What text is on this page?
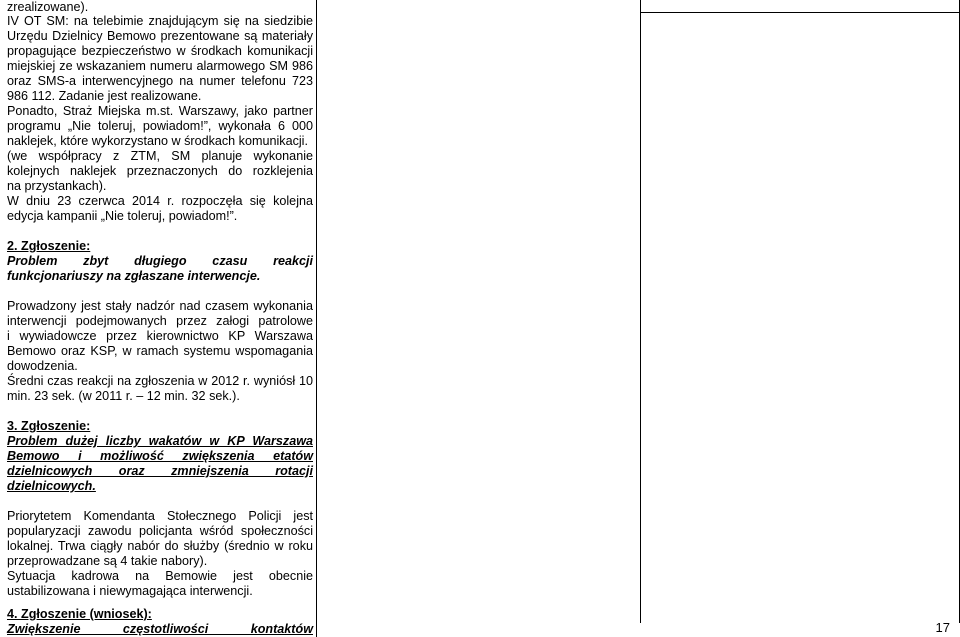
zrealizowane).

IV OT SM: na telebimie znajdującym się na siedzibie

Urzędu Dzielnicy Bemowo prezentowane są materiały

propagujące bezpieczeństwo w środkach komunikacji

miejskiej ze wskazaniem numeru alarmowego SM 986

oraz SMS-a interwencyjnego na numer telefonu 723

986 112. Zadanie jest realizowane.

Ponadto, Straż Miejska m.st. Warszawy, jako partner

programu „Nie toleruj, powiadom!”, wykonała 6 000

naklejek, które wykorzystano w środkach komunikacji.

(we współpracy z ZTM, SM planuje wykonanie

kolejnych naklejek przeznaczonych do rozklejenia

na przystankach).

W dniu 23 czerwca 2014 r. rozpoczęła się kolejna

edycja kampanii „Nie toleruj, powiadom!”.

2. Zgłoszenie:

Problem zbyt długiego czasu reakcji

funkcjonariuszy na zgłaszane interwencje.

Prowadzony jest stały nadzór nad czasem wykonania

interwencji podejmowanych przez załogi patrolowe

i wywiadowcze przez kierownictwo KP Warszawa

Bemowo oraz KSP, w ramach systemu wspomagania

dowodzenia.

Średni czas reakcji na zgłoszenia w 2012 r. wyniósł 10

min. 23 sek. (w 2011 r. – 12 min. 32 sek.).

3. Zgłoszenie:

Problem dużej liczby wakatów w KP Warszawa

Bemowo i możliwość zwiększenia etatów

dzielnicowych oraz zmniejszenia rotacji

dzielnicowych.

Priorytetem Komendanta Stołecznego Policji jest

popularyzacji zawodu policjanta wśród społeczności

lokalnej. Trwa ciągły nabór do służby (średnio w roku

przeprowadzane są 4 takie nabory).

Sytuacja kadrowa na Bemowie jest obecnie

ustabilizowana i niewymagająca interwencji.

4. Zgłoszenie (wniosek):

Zwiększenie częstotliwości kontaktów	17
